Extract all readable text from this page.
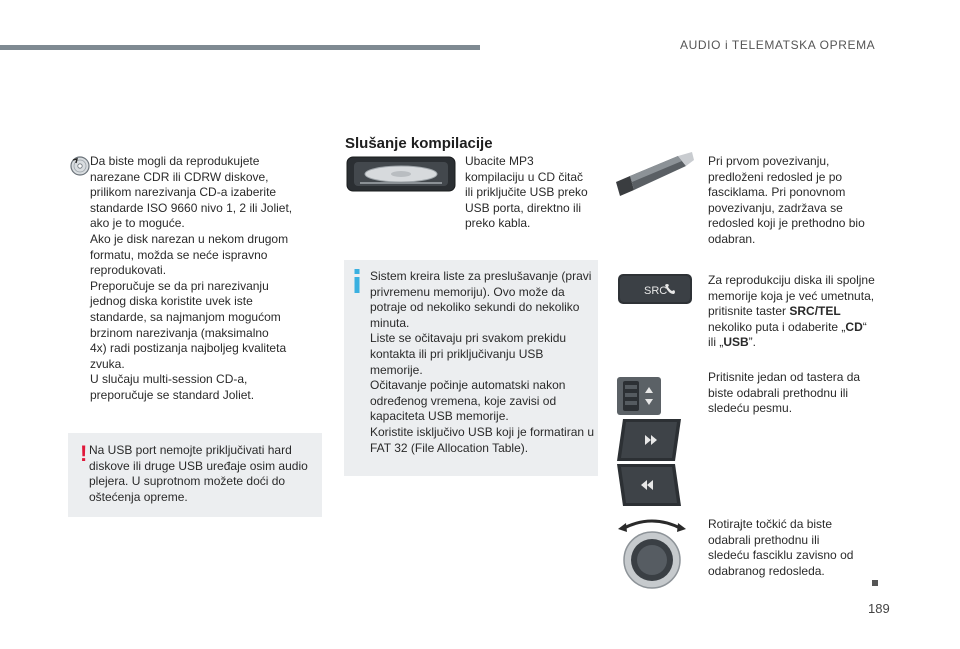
AUDIO i TELEMATSKA OPREMA
Da biste mogli da reprodukujete
narezane CDR ili CDRW diskove,
prilikom narezivanja CD-a izaberite
standarde ISO 9660 nivo 1, 2 ili Joliet,
ako je to moguće.
Ako je disk narezan u nekom drugom
formatu, možda se neće ispravno
reprodukovati.
Preporučuje se da pri narezivanju
jednog diska koristite uvek iste
standarde, sa najmanjom mogućom
brzinom narezivanja (maksimalno
4x) radi postizanja najboljeg kvaliteta
zvuka.
U slučaju multi-session CD-a,
preporučuje se standard Joliet.
! Na USB port nemojte priključivati hard
diskove ili druge USB uređaje osim audio
plejera. U suprotnom možete doći do
oštećenja opreme.
Slušanje kompilacije
Ubacite MP3
kompilaciju u CD čitač
ili priključite USB preko
USB porta, direktno ili
preko kabla.
Sistem kreira liste za preslušavanje (pravi
privremenu memoriju). Ovo može da
potraje od nekoliko sekundi do nekoliko
minuta.
Liste se očitavaju pri svakom prekidu
kontakta ili pri priključivanju USB
memorije.
Očitavanje počinje automatski nakon
određenog vremena, koje zavisi od
kapaciteta USB memorije.
Koristite isključivo USB koji je formatiran u
FAT 32 (File Allocation Table).
Pri prvom povezivanju,
predloženi redosled je po
fasciklama. Pri ponovnom
povezivanju, zadržava se
redosled koji je prethodno bio
odabran.
SRC
Za reprodukciju diska ili spoljne memorije koja je već umetnuta, pritisnite taster SRC/TEL nekoliko puta i odaberite „CD“ ili „USB”.
Pritisnite jedan od tastera da
biste odabrali prethodnu ili
sledeću pesmu.
Rotirajte točkić da biste
odabrali prethodnu ili
sledeću fasciklu zavisno od
odabranog redosleda.
189
